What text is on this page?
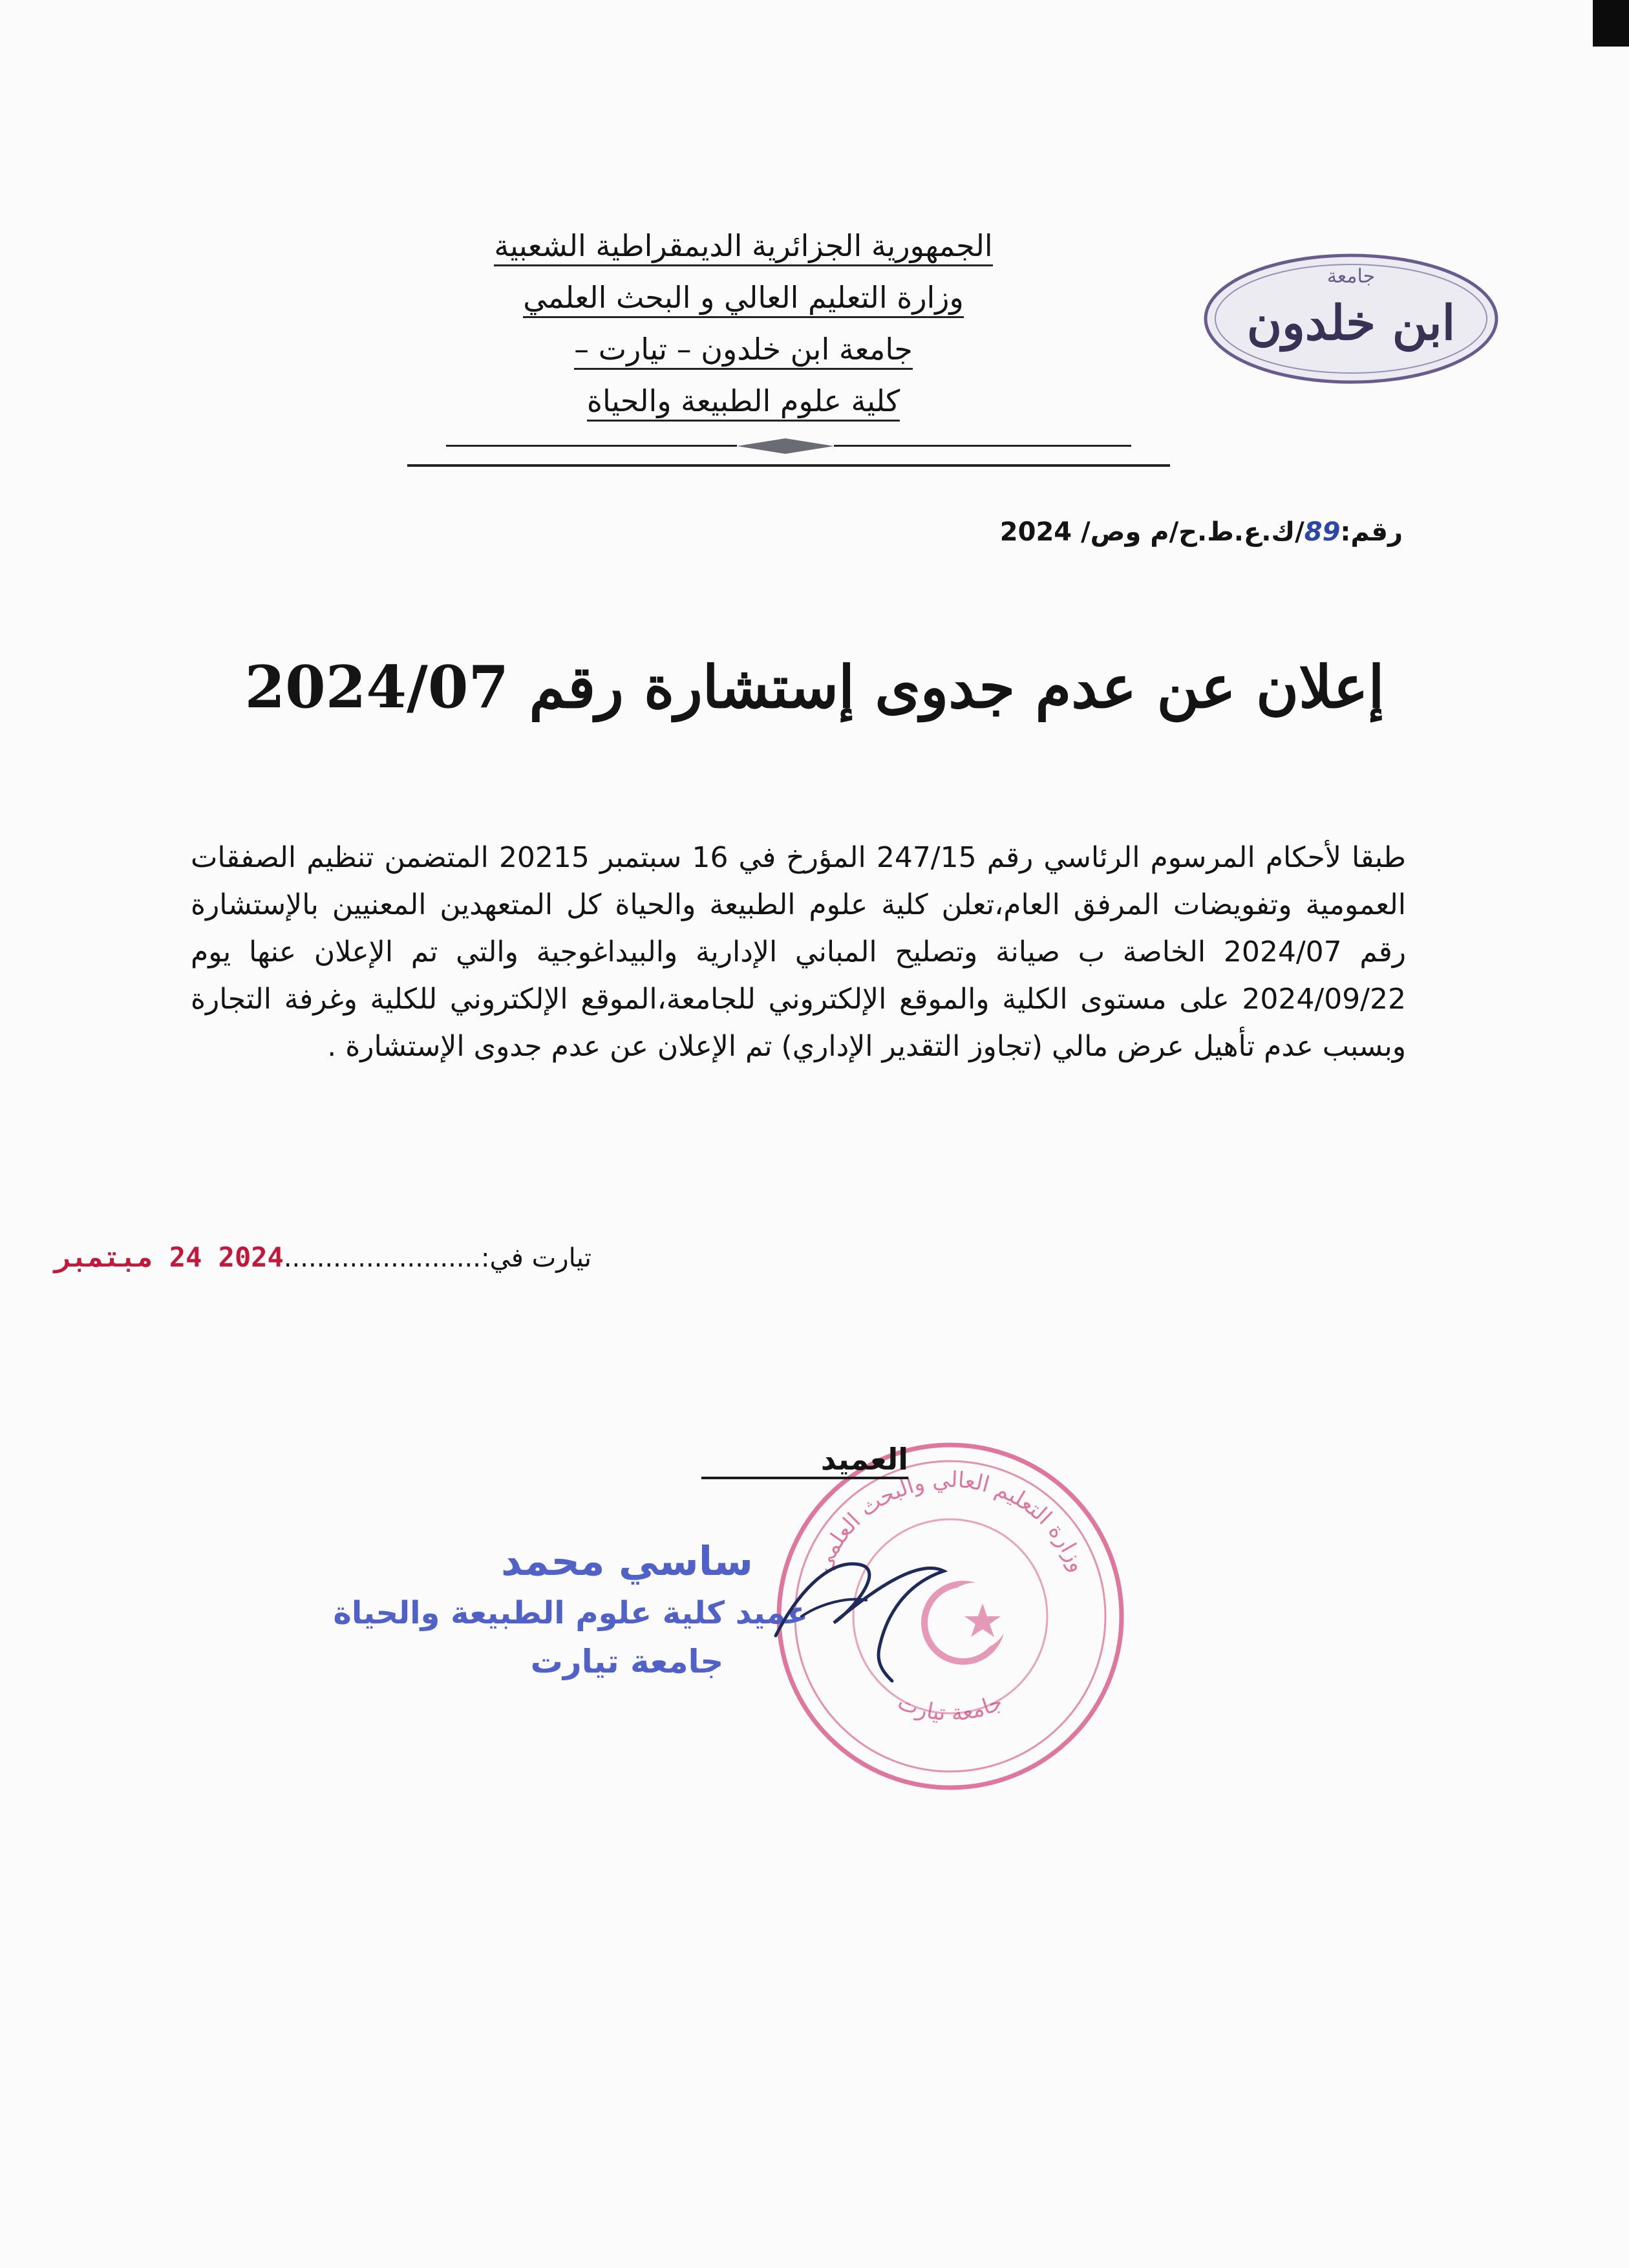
جامعة
ابن خلدون
الجمهورية الجزائرية الديمقراطية الشعبية
وزارة التعليم العالي و البحث العلمي
جامعة ابن خلدون – تيارت –
كلية علوم الطبيعة والحياة
رقم:89/ك.ع.ط.ح/م وص/ 2024
إعلان عن عدم جدوى إستشارة رقم 2024/07
طبقا لأحكام المرسوم الرئاسي رقم 247/15 المؤرخ في 16 سبتمبر 20215 المتضمن تنظيم الصفقات العمومية وتفويضات المرفق العام،تعلن كلية علوم الطبيعة والحياة كل المتعهدين المعنيين بالإستشارة رقم 2024/07 الخاصة ب صيانة وتصليح المباني الإدارية والبيداغوجية والتي تم الإعلان عنها يوم 2024/09/22 على مستوى الكلية والموقع الإلكتروني للجامعة،الموقع الإلكتروني للكلية وغرفة التجارة وبسبب عدم تأهيل عرض مالي (تجاوز التقدير الإداري) تم الإعلان عن عدم جدوى الإستشارة .
تيارت في:........................2024 24 مبتمبر
وزارة التعليم العالي والبحث العلمي
جامعة تيارت
العميد
ساسي محمد
عميد كلية علوم الطبيعة والحياة
جامعة تيارت
